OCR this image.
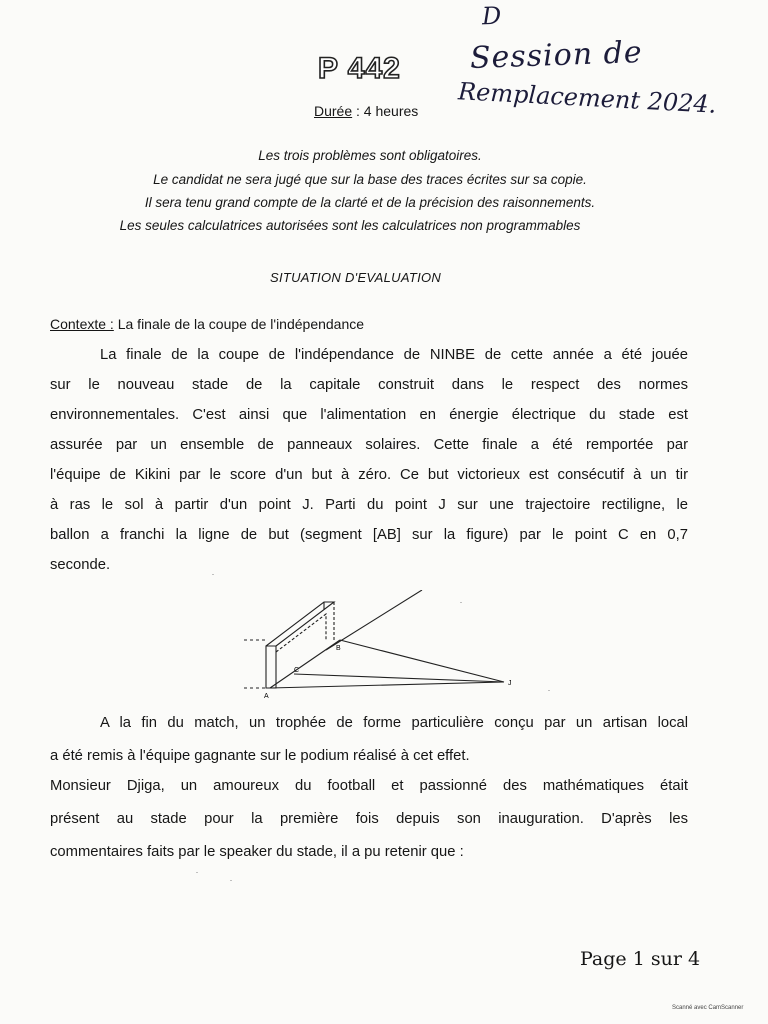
P 442
Durée : 4 heures
D
Session de
Remplacement 2024.
Les trois problèmes sont obligatoires.
Le candidat ne sera jugé que sur la base des traces écrites sur sa copie.
Il sera tenu grand compte de la clarté et de la précision des raisonnements.
Les seules calculatrices autorisées sont les calculatrices non programmables
SITUATION D'EVALUATION
Contexte : La finale de la coupe de l'indépendance
La finale de la coupe de l'indépendance de NINBE de cette année a été jouée
sur le nouveau stade de la capitale construit dans le respect des normes
environnementales. C'est ainsi que l'alimentation en énergie électrique du stade est
assurée par un ensemble de panneaux solaires. Cette finale a été remportée par
l'équipe de Kikini par le score d'un but à zéro. Ce but victorieux est consécutif à un tir
à ras le sol à partir d'un point J. Parti du point J sur une trajectoire rectiligne, le
ballon a franchi la ligne de but (segment [AB] sur la figure) par le point C en 0,7
seconde.
A
B
C
J
A la fin du match, un trophée de forme particulière conçu par un artisan local
a été remis à l'équipe gagnante sur le podium réalisé à cet effet.
Monsieur Djiga, un amoureux du football et passionné des mathématiques était
présent au stade pour la première fois depuis son inauguration. D'après les
commentaires faits par le speaker du stade, il a pu retenir que :
Page 1 sur 4
Scanné avec CamScanner
